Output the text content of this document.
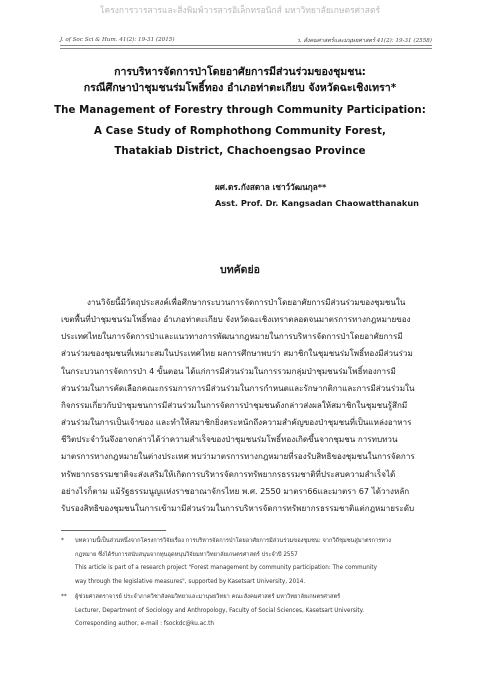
โครงการวารสารและสิ่งพิมพ์วารสารอิเล็กทรอนิกส์ มหาวิทยาลัยเกษตรศาสตร์
J. of Soc Sci & Hum. 41(2): 19-31 (2015)	ว. สังคมศาสตร์และมนุษยศาสตร์ 41(2): 19-31 (2558)
การบริหารจัดการป่าโดยอาศัยการมีส่วนร่วมของชุมชน:
กรณีศึกษาป่าชุมชนร่มโพธิ์ทอง อำเภอท่าตะเกียบ จังหวัดฉะเชิงเทรา*
The Management of Forestry through Community Participation:
A Case Study of Romphothong Community Forest,
Thatakiab District, Chachoengsao Province
ผศ.ดร.กังสดาล เชาว์วัฒนกุล**
Asst. Prof. Dr. Kangsadan Chaowatthanakun
บทคัดย่อ
งานวิจัยนี้มีวัตถุประสงค์เพื่อศึกษากระบวนการจัดการป่าโดยอาศัยการมีส่วนร่วมของชุมชนใน
เขตพื้นที่ป่าชุมชนร่มโพธิ์ทอง อำเภอท่าตะเกียบ จังหวัดฉะเชิงเทราตลอดจนมาตรการทางกฎหมายของ
ประเทศไทยในการจัดการป่าและแนวทางการพัฒนากฎหมายในการบริหารจัดการป่าโดยอาศัยการมี
ส่วนร่วมของชุมชนที่เหมาะสมในประเทศไทย ผลการศึกษาพบว่า สมาชิกในชุมชนร่มโพธิ์ทองมีส่วนร่วม
ในกระบวนการจัดการป่า 4 ขั้นตอน ได้แก่การมีส่วนร่วมในการรวมกลุ่มป่าชุมชนร่มโพธิ์ทองการมี
ส่วนร่วมในการคัดเลือกคณะกรรมการการมีส่วนร่วมในการกำหนดและรักษากติกาและการมีส่วนร่วมใน
กิจกรรมเกี่ยวกับป่าชุมชนการมีส่วนร่วมในการจัดการป่าชุมชนดังกล่าวส่งผลให้สมาชิกในชุมชนรู้สึกมี
ส่วนร่วมในการเป็นเจ้าของ และทำให้สมาชิกยิ่งตระหนักถึงความสำคัญของป่าชุมชนที่เป็นแหล่งอาหาร
ชีวิตประจำวันจึงอาจกล่าวได้ว่าความสำเร็จของป่าชุมชนร่มโพธิ์ทองเกิดขึ้นจากชุมชน การทบทวน
มาตรการทางกฎหมายในต่างประเทศ พบว่ามาตรการทางกฎหมายที่รองรับสิทธิของชุมชนในการจัดการ
ทรัพยากรธรรมชาติจะส่งเสริมให้เกิดการบริหารจัดการทรัพยากรธรรมชาติที่ประสบความสำเร็จได้
อย่างไรก็ตาม แม้รัฐธรรมนูญแห่งราชอาณาจักรไทย พ.ศ. 2550 มาตรา66และมาตรา 67 ได้วางหลัก
รับรองสิทธิของชุมชนในการเข้ามามีส่วนร่วมในการบริหารจัดการทรัพยากรธรรมชาติแต่กฎหมายระดับ
*	บทความนี้เป็นส่วนหนึ่งจากโครงการวิจัยเรื่อง การบริหารจัดการป่าโดยอาศัยการมีส่วนร่วมของชุมชน: จากวิถีชุมชนสู่มาตรการทาง
กฎหมาย ซึ่งได้รับการสนับสนุนจากทุนอุดหนุนวิจัยมหาวิทยาลัยเกษตรศาสตร์ ประจำปี 2557
This article is part of a research project "Forest management by community participation: The community
way through the legislative measures", supported by Kasetsart University, 2014.
**	ผู้ช่วยศาสตราจารย์ ประจำภาควิชาสังคมวิทยาและมานุษยวิทยา คณะสังคมศาสตร์ มหาวิทยาลัยเกษตรศาสตร์
Lecturer, Department of Sociology and Anthropology, Faculty of Social Sciences, Kasetsart University.
Corresponding author, e-mail : fsockdc@ku.ac.th
